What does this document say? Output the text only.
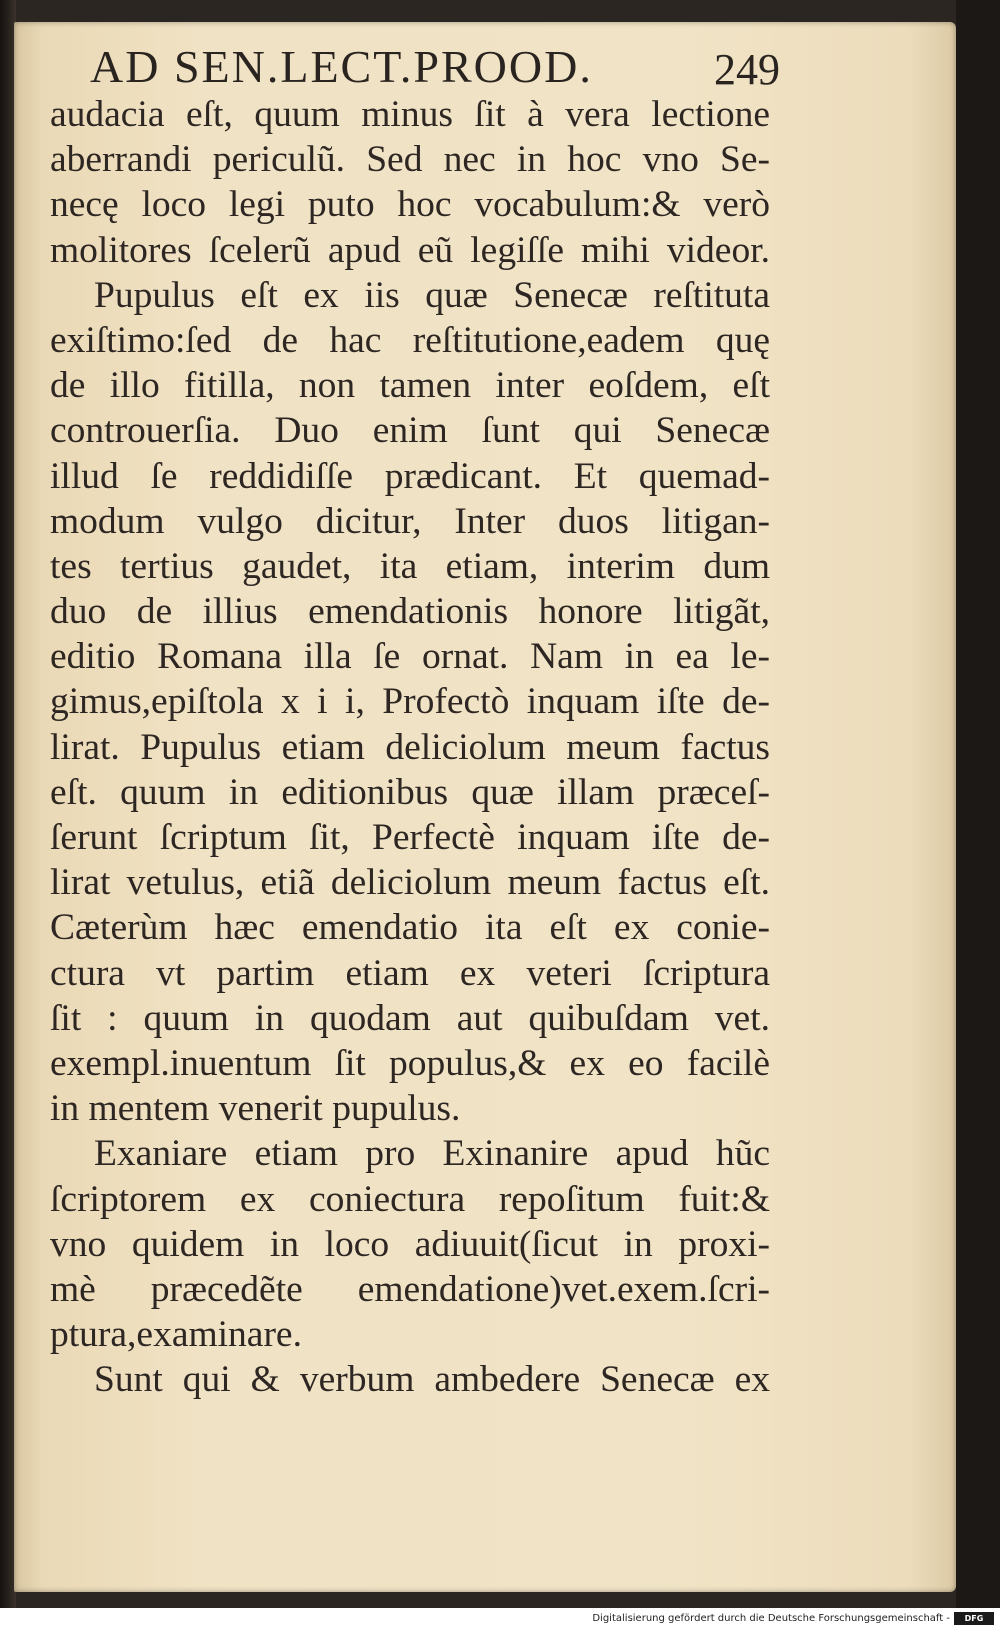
AD SEN.LECT.PROOD.	249
audacia eſt, quum minus ſit à vera lectione
aberrandi periculũ. Sed nec in hoc vno Se-
necę loco legi puto hoc vocabulum:& verò
molitores ſcelerũ apud eũ legiſſe mihi videor.
Pupulus eſt ex iis quæ Senecæ reſtituta
exiſtimo:ſed de hac reſtitutione,eadem quę
de illo fitilla, non tamen inter eoſdem, eſt
controuerſia. Duo enim ſunt qui Senecæ
illud ſe reddidiſſe prædicant. Et quemad-
modum vulgo dicitur, Inter duos litigan-
tes tertius gaudet, ita etiam, interim dum
duo de illius emendationis honore litigãt,
editio Romana illa ſe ornat. Nam in ea le-
gimus,epiſtola x i i, Profectò inquam iſte de-
lirat. Pupulus etiam deliciolum meum factus
eſt. quum in editionibus quæ illam præceſ-
ſerunt ſcriptum ſit, Perfectè inquam iſte de-
lirat vetulus, etiã deliciolum meum factus eſt.
Cæterùm hæc emendatio ita eſt ex conie-
ctura vt partim etiam ex veteri ſcriptura
ſit : quum in quodam aut quibuſdam vet.
exempl.inuentum ſit populus,& ex eo facilè
in mentem venerit pupulus.
Exaniare etiam pro Exinanire apud hũc
ſcriptorem ex coniectura repoſitum fuit:&
vno quidem in loco adiuuit(ſicut in proxi-
mè præcedẽte emendatione)vet.exem.ſcri-
ptura,examinare.
Sunt qui & verbum ambedere Senecæ ex
Digitalisierung gefördert durch die Deutsche Forschungsgemeinschaft -	DFG
